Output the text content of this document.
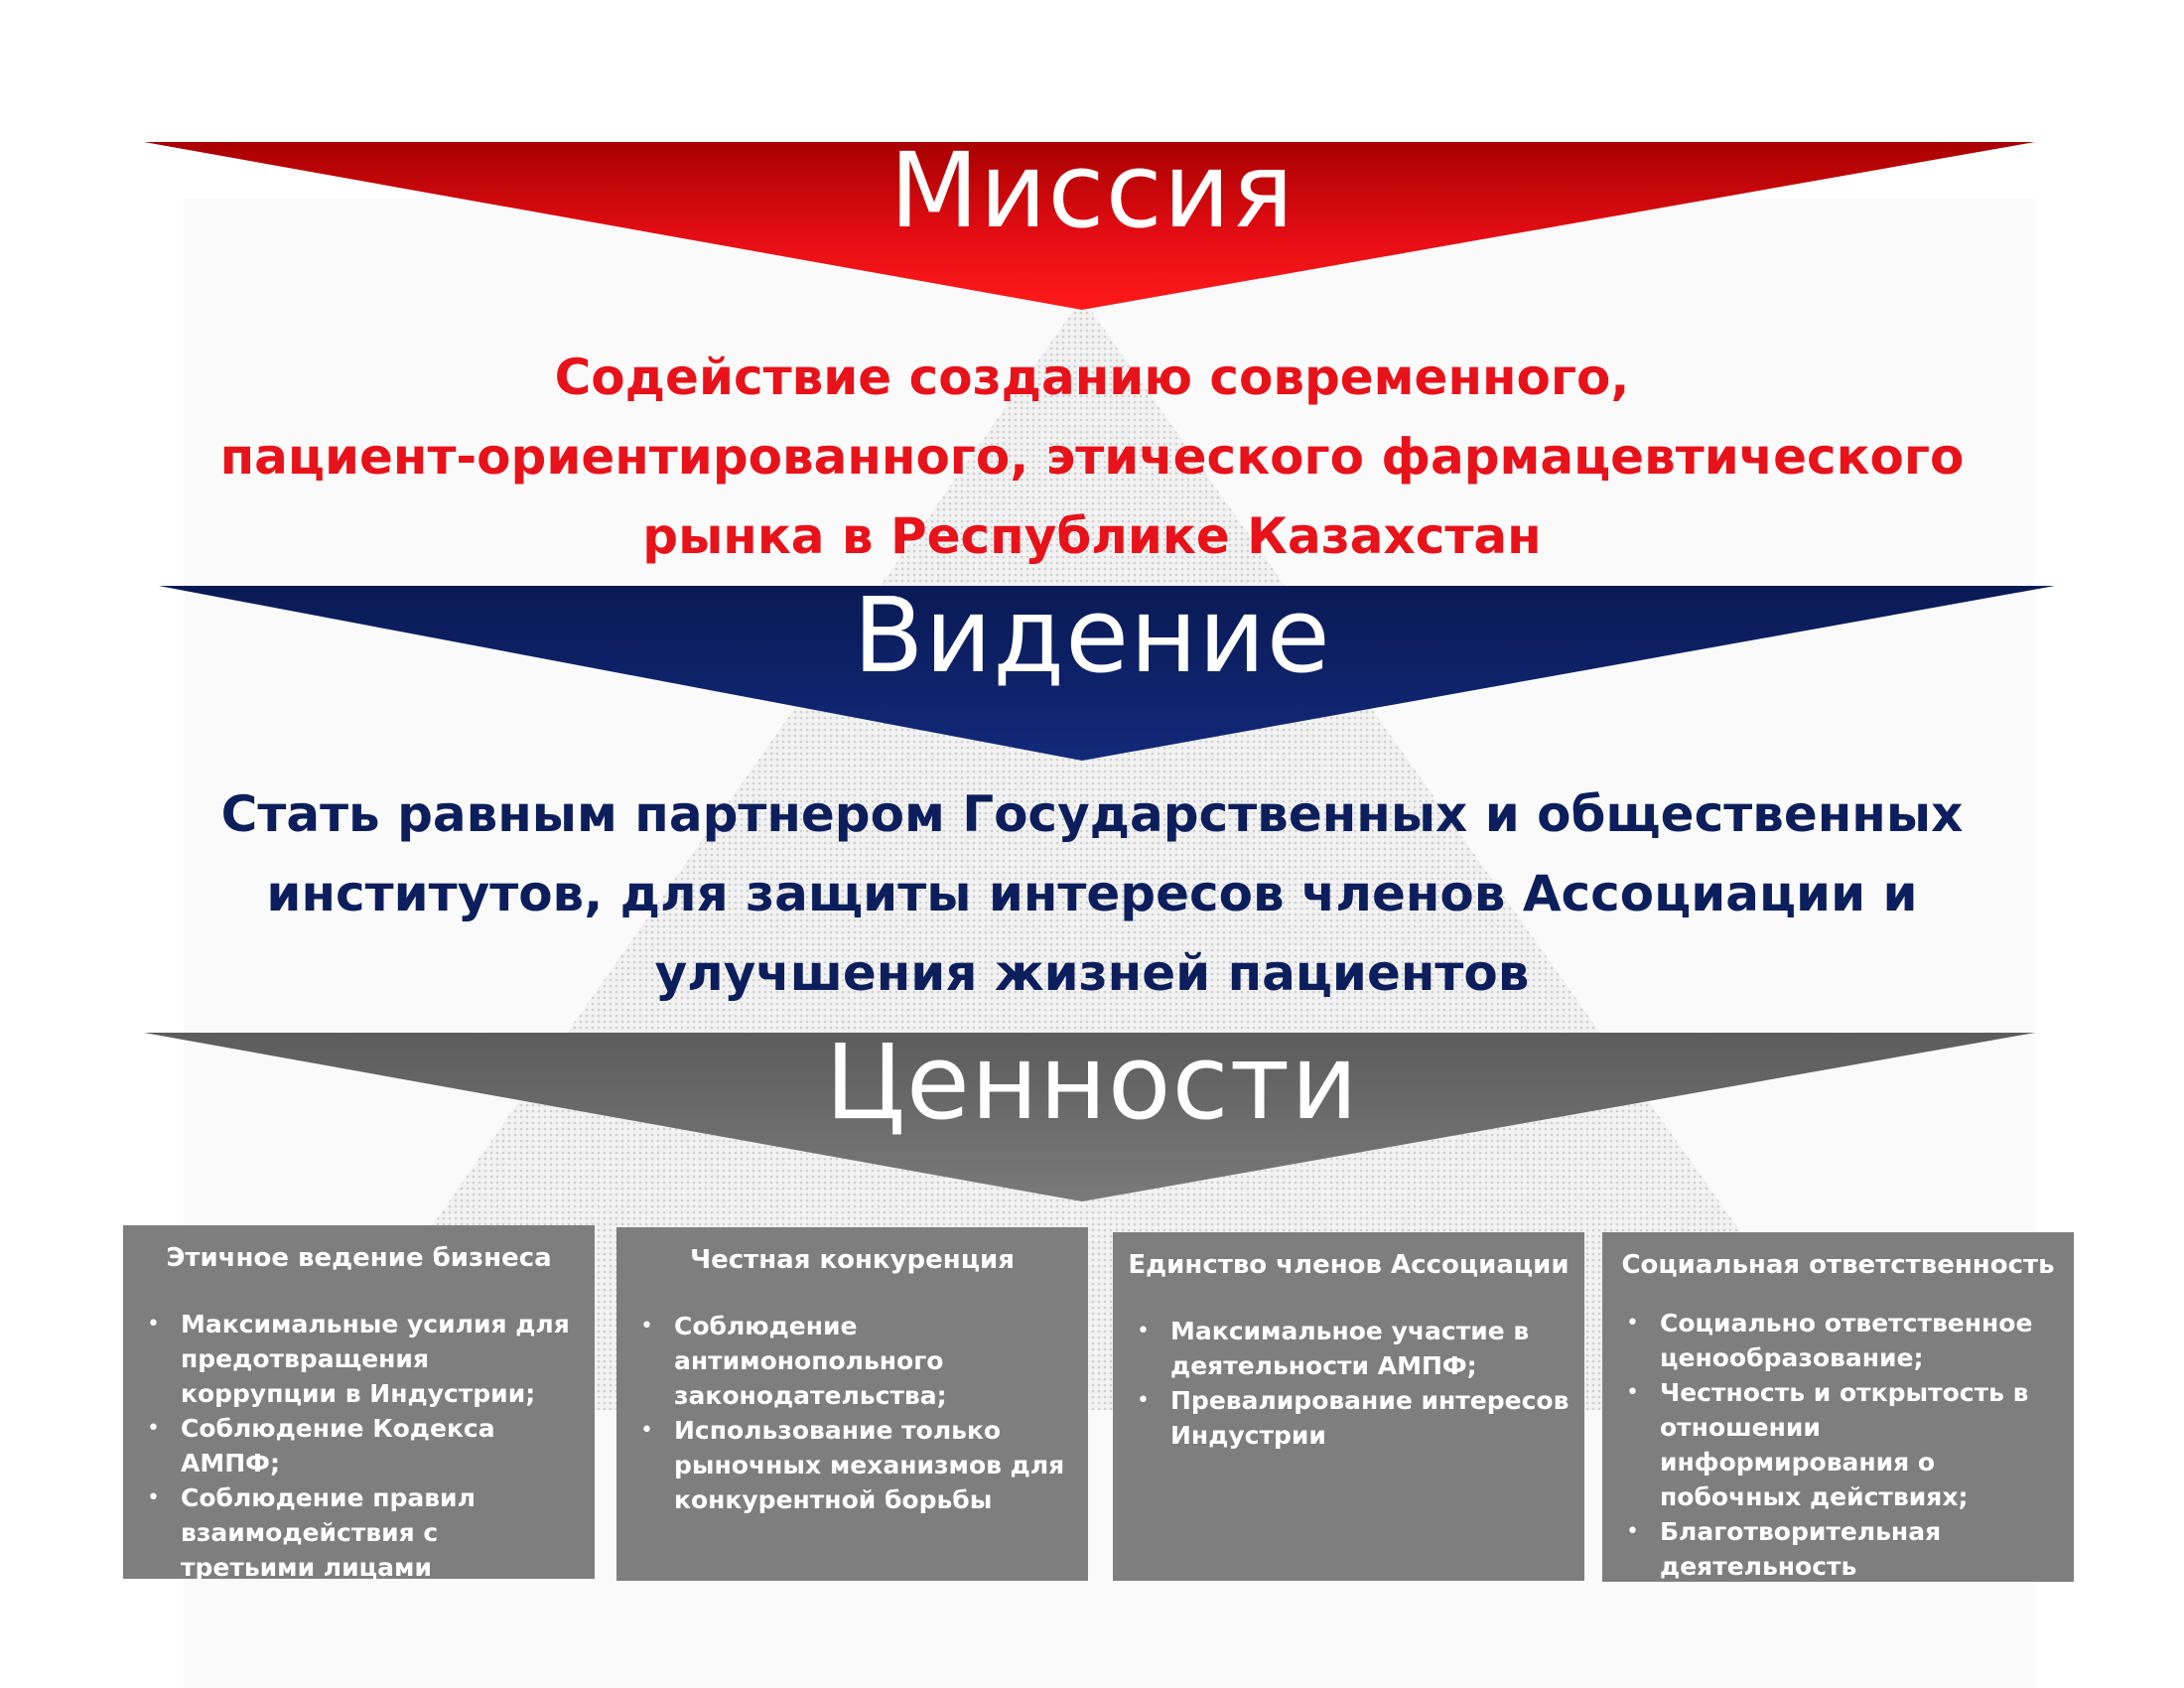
Миссия
Видение
Ценности
Содействие созданию современного,
пациент-ориентированного, этического фармацевтического
рынка в Республике Казахстан
Стать равным партнером Государственных и общественных
институтов, для защиты интересов членов Ассоциации и
улучшения жизней пациентов
Этичное ведение бизнеса
• Максимальные усилия для предотвращения коррупции в Индустрии;
• Соблюдение Кодекса АМПФ;
• Соблюдение правил взаимодействия с третьими лицами
Честная конкуренция
• Соблюдение антимонопольного законодательства;
• Использование только рыночных механизмов для конкурентной борьбы
Единство членов Ассоциации
• Максимальное участие в деятельности АМПФ;
• Превалирование интересов Индустрии
Социальная ответственность
• Социально ответственное ценообразование;
• Честность и открытость в отношении информирования о побочных действиях;
• Благотворительная деятельность
